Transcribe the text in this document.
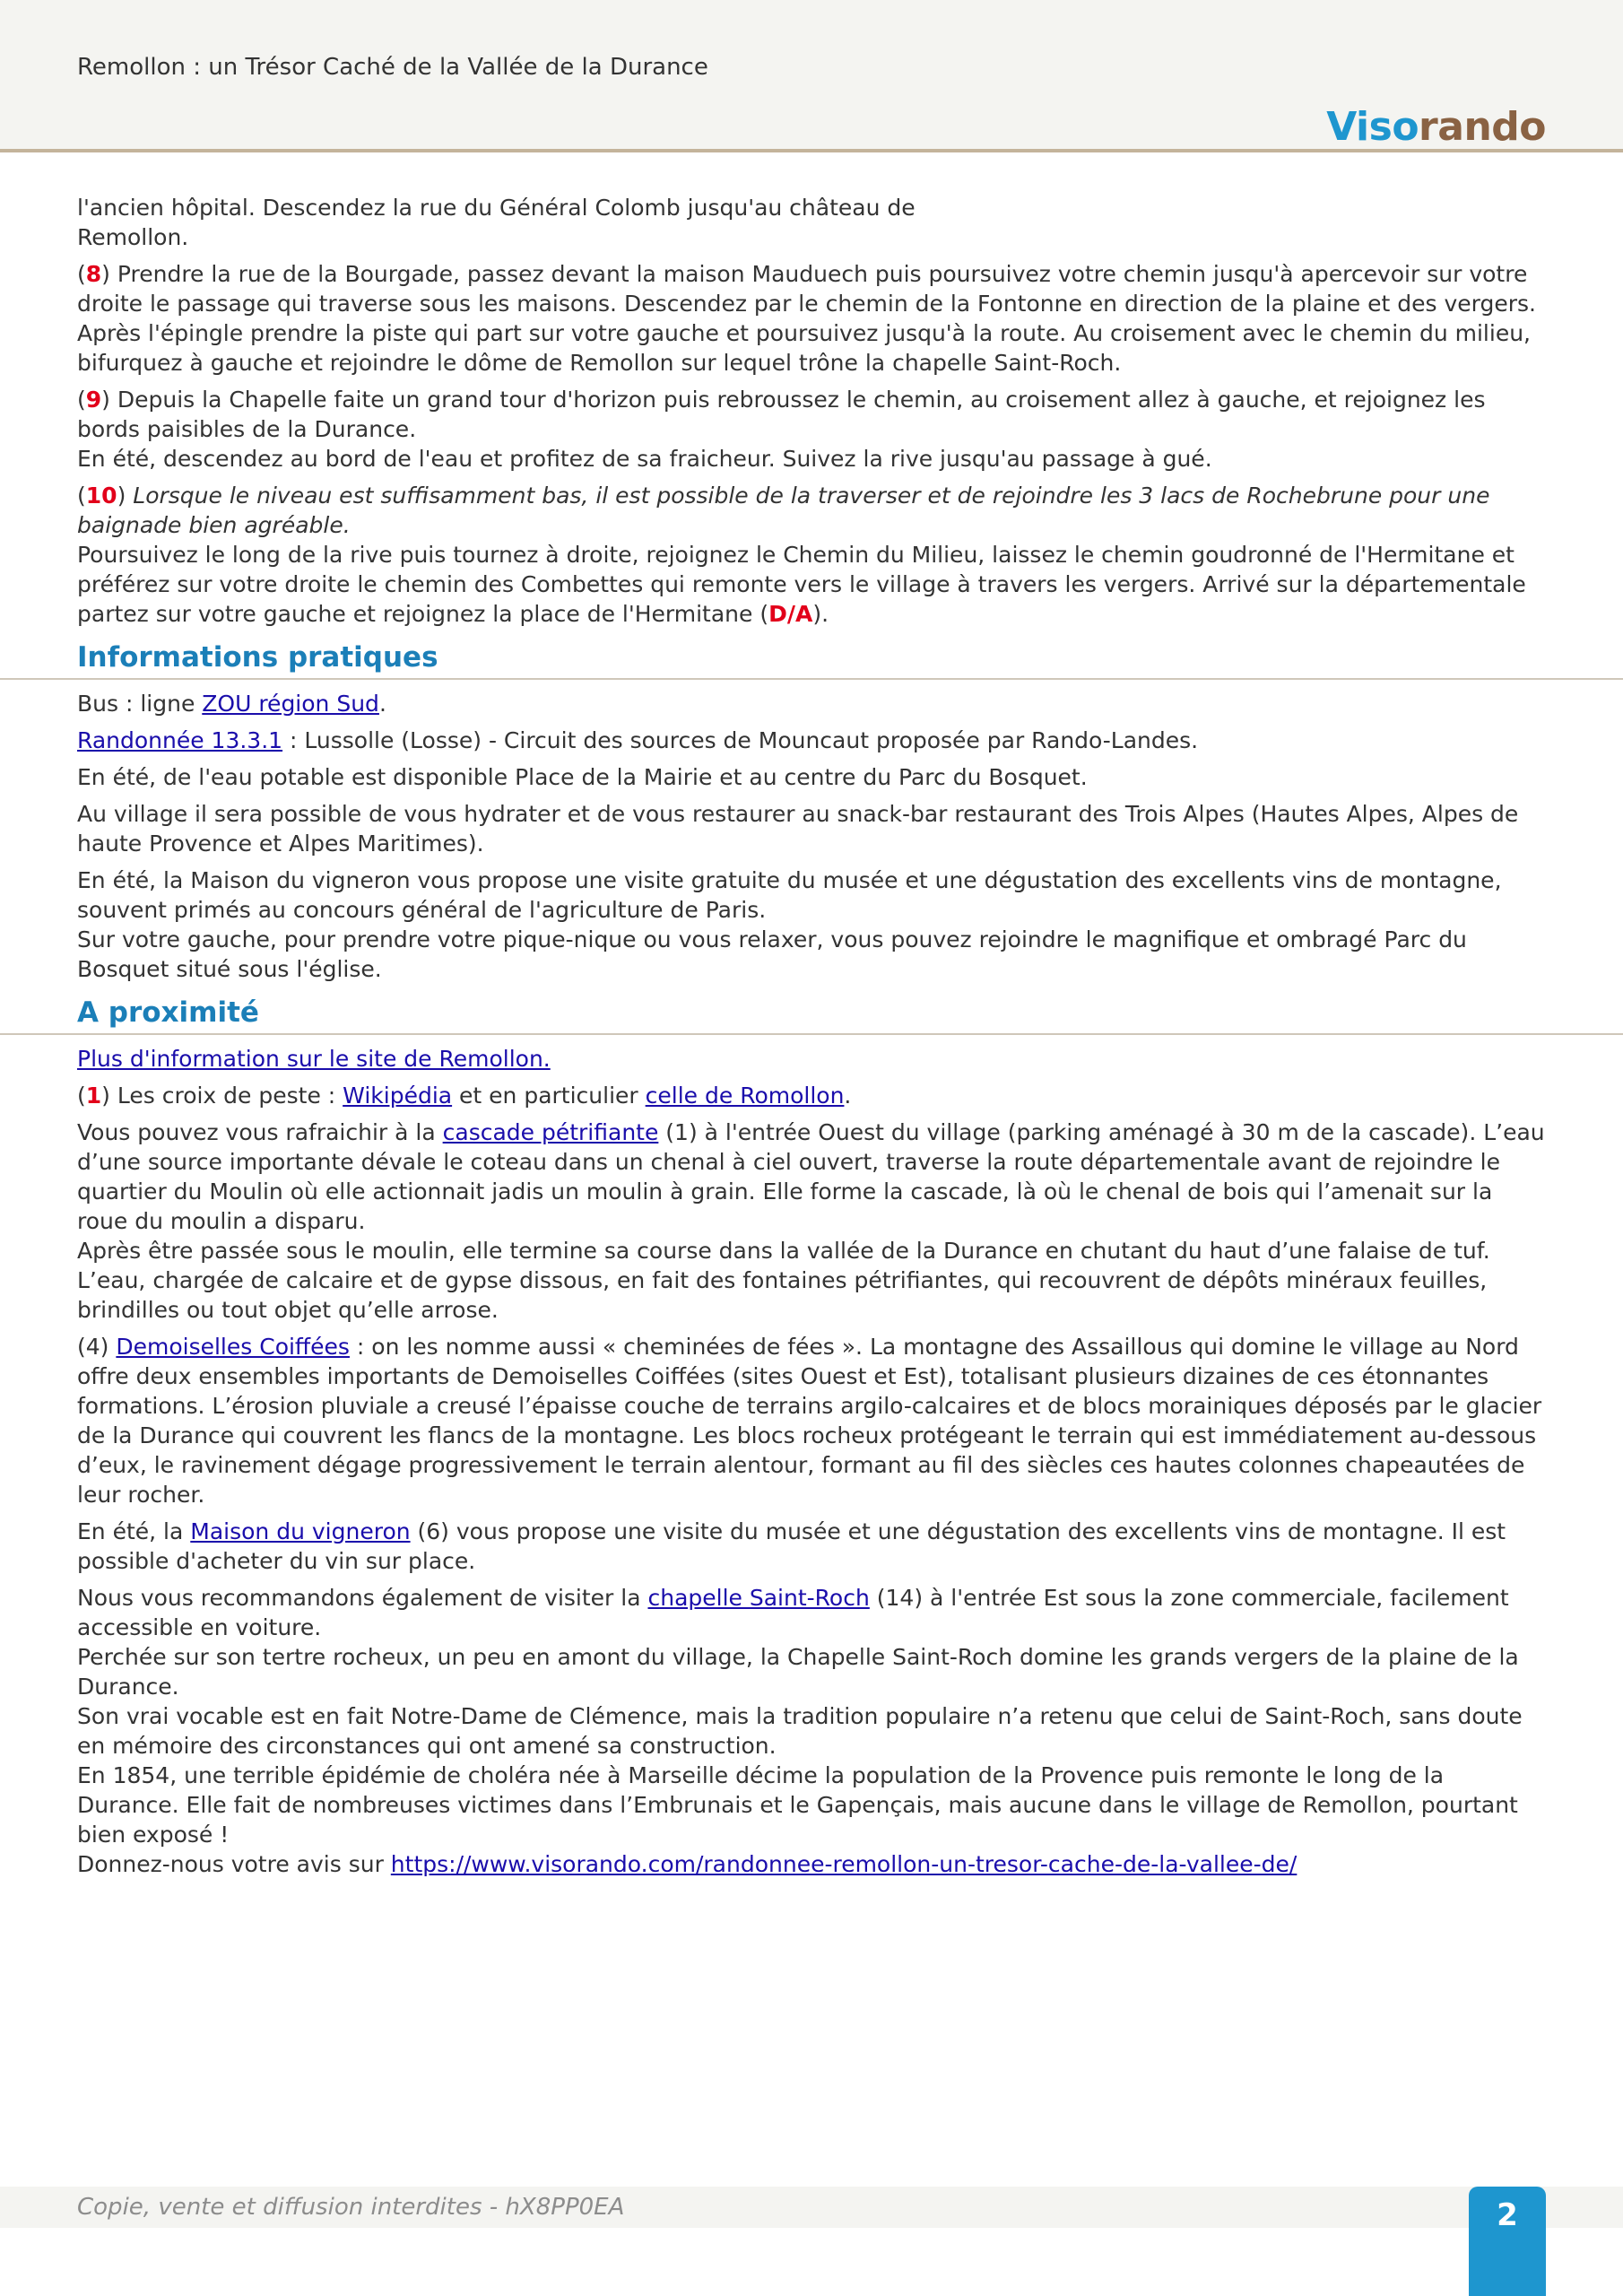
Remollon : un Trésor Caché de la Vallée de la Durance
Visorando

l'ancien hôpital. Descendez la rue du Général Colomb jusqu'au château de
Remollon.

(8) Prendre la rue de la Bourgade, passez devant la maison Mauduech puis poursuivez votre chemin jusqu'à apercevoir sur votre droite le passage qui traverse sous les maisons. Descendez par le chemin de la Fontonne en direction de la plaine et des vergers. Après l'épingle prendre la piste qui part sur votre gauche et poursuivez jusqu'à la route. Au croisement avec le chemin du milieu, bifurquez à gauche et rejoindre le dôme de Remollon sur lequel trône la chapelle Saint-Roch.

(9) Depuis la Chapelle faite un grand tour d'horizon puis rebroussez le chemin, au croisement allez à gauche, et rejoignez les bords paisibles de la Durance.
En été, descendez au bord de l'eau et profitez de sa fraicheur. Suivez la rive jusqu'au passage à gué.

(10) Lorsque le niveau est suffisamment bas, il est possible de la traverser et de rejoindre les 3 lacs de Rochebrune pour une baignade bien agréable.
Poursuivez le long de la rive puis tournez à droite, rejoignez le Chemin du Milieu, laissez le chemin goudronné de l'Hermitane et préférez sur votre droite le chemin des Combettes qui remonte vers le village à travers les vergers. Arrivé sur la départementale partez sur votre gauche et rejoignez la place de l'Hermitane (D/A).

Informations pratiques

Bus : ligne ZOU région Sud.

Randonnée 13.3.1 : Lussolle (Losse) - Circuit des sources de Mouncaut proposée par Rando-Landes.

En été, de l'eau potable est disponible Place de la Mairie et au centre du Parc du Bosquet.

Au village il sera possible de vous hydrater et de vous restaurer au snack-bar restaurant des Trois Alpes (Hautes Alpes, Alpes de haute Provence et Alpes Maritimes).

En été, la Maison du vigneron vous propose une visite gratuite du musée et une dégustation des excellents vins de montagne, souvent primés au concours général de l'agriculture de Paris.
Sur votre gauche, pour prendre votre pique-nique ou vous relaxer, vous pouvez rejoindre le magnifique et ombragé Parc du Bosquet situé sous l'église.

A proximité

Plus d'information sur le site de Remollon.

(1) Les croix de peste : Wikipédia et en particulier celle de Romollon.

Vous pouvez vous rafraichir à la cascade pétrifiante (1) à l'entrée Ouest du village (parking aménagé à 30 m de la cascade). L’eau d’une source importante dévale le coteau dans un chenal à ciel ouvert, traverse la route départementale avant de rejoindre le quartier du Moulin où elle actionnait jadis un moulin à grain. Elle forme la cascade, là où le chenal de bois qui l’amenait sur la roue du moulin a disparu.
Après être passée sous le moulin, elle termine sa course dans la vallée de la Durance en chutant du haut d’une falaise de tuf. L’eau, chargée de calcaire et de gypse dissous, en fait des fontaines pétrifiantes, qui recouvrent de dépôts minéraux feuilles, brindilles ou tout objet qu’elle arrose.

(4) Demoiselles Coiffées : on les nomme aussi « cheminées de fées ». La montagne des Assaillous qui domine le village au Nord offre deux ensembles importants de Demoiselles Coiffées (sites Ouest et Est), totalisant plusieurs dizaines de ces étonnantes formations. L’érosion pluviale a creusé l’épaisse couche de terrains argilo-calcaires et de blocs morainiques déposés par le glacier de la Durance qui couvrent les flancs de la montagne. Les blocs rocheux protégeant le terrain qui est immédiatement au-dessous d’eux, le ravinement dégage progressivement le terrain alentour, formant au fil des siècles ces hautes colonnes chapeautées de leur rocher.

En été, la Maison du vigneron (6) vous propose une visite du musée et une dégustation des excellents vins de montagne. Il est possible d'acheter du vin sur place.

Nous vous recommandons également de visiter la chapelle Saint-Roch (14) à l'entrée Est sous la zone commerciale, facilement accessible en voiture.
Perchée sur son tertre rocheux, un peu en amont du village, la Chapelle Saint-Roch domine les grands vergers de la plaine de la Durance.
Son vrai vocable est en fait Notre-Dame de Clémence, mais la tradition populaire n’a retenu que celui de Saint-Roch, sans doute en mémoire des circonstances qui ont amené sa construction.
En 1854, une terrible épidémie de choléra née à Marseille décime la population de la Provence puis remonte le long de la Durance. Elle fait de nombreuses victimes dans l’Embrunais et le Gapençais, mais aucune dans le village de Remollon, pourtant bien exposé !
Donnez-nous votre avis sur https://www.visorando.com/randonnee-remollon-un-tresor-cache-de-la-vallee-de/

Copie, vente et diffusion interdites - hX8PP0EA	2
